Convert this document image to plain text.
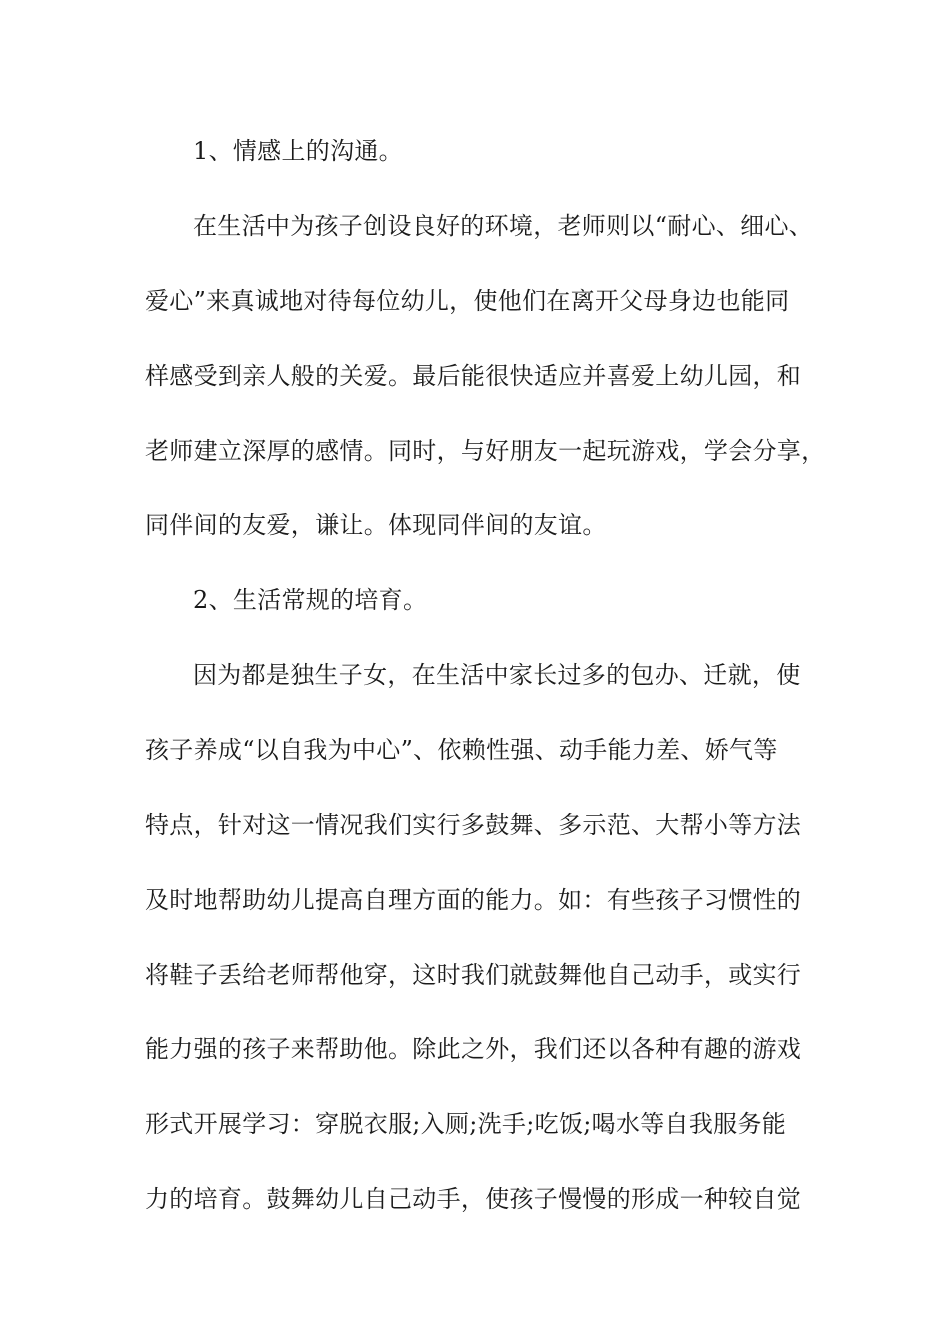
1、情感上的沟通。
在生活中为孩子创设良好的环境，老师则以“耐心、细心、
爱心”来真诚地对待每位幼儿，使他们在离开父母身边也能同
样感受到亲人般的关爱。最后能很快适应并喜爱上幼儿园，和
老师建立深厚的感情。同时，与好朋友一起玩游戏，学会分享，
同伴间的友爱，谦让。体现同伴间的友谊。
2、生活常规的培育。
因为都是独生子女，在生活中家长过多的包办、迁就，使
孩子养成“以自我为中心”、依赖性强、动手能力差、娇气等
特点，针对这一情况我们实行多鼓舞、多示范、大帮小等方法
及时地帮助幼儿提高自理方面的能力。如：有些孩子习惯性的
将鞋子丢给老师帮他穿，这时我们就鼓舞他自己动手，或实行
能力强的孩子来帮助他。除此之外，我们还以各种有趣的游戏
形式开展学习：穿脱衣服;入厕;洗手;吃饭;喝水等自我服务能
力的培育。鼓舞幼儿自己动手，使孩子慢慢的形成一种较自觉
